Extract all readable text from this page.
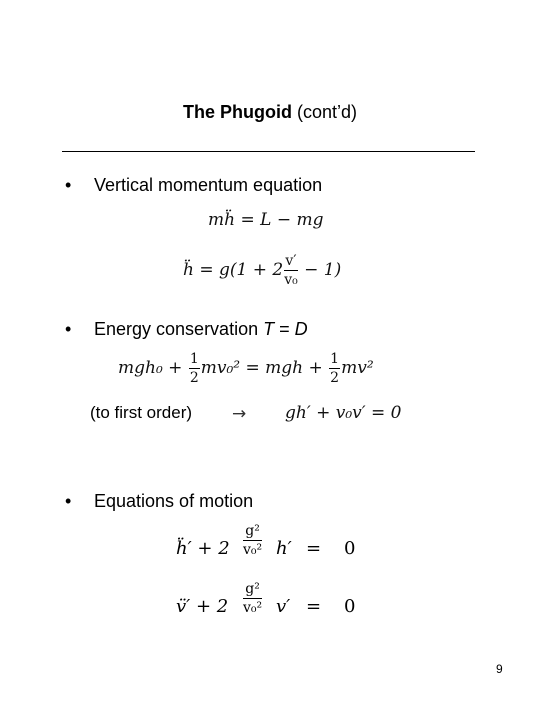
The Phugoid (cont’d)
• Vertical momentum equation
mḧ = L − mg
ḧ = $g(1 + 2 \frac{v'}{\text{v₀}} - 1)$
• Energy conservation T = D
$mgh_0 + \frac{1}{2} mv_0^2$ = mgh + $\frac{1}{2} mv^2$
(to first order) → gh′ + v₀v′ = 0
• Equations of motion
ḧ′ + $2 \frac{\text{g²}}{\text{v₀²}} h' = 0$
v̈′ + $2 \frac{\text{g²}}{\text{v₀²}} v' = 0$
9
